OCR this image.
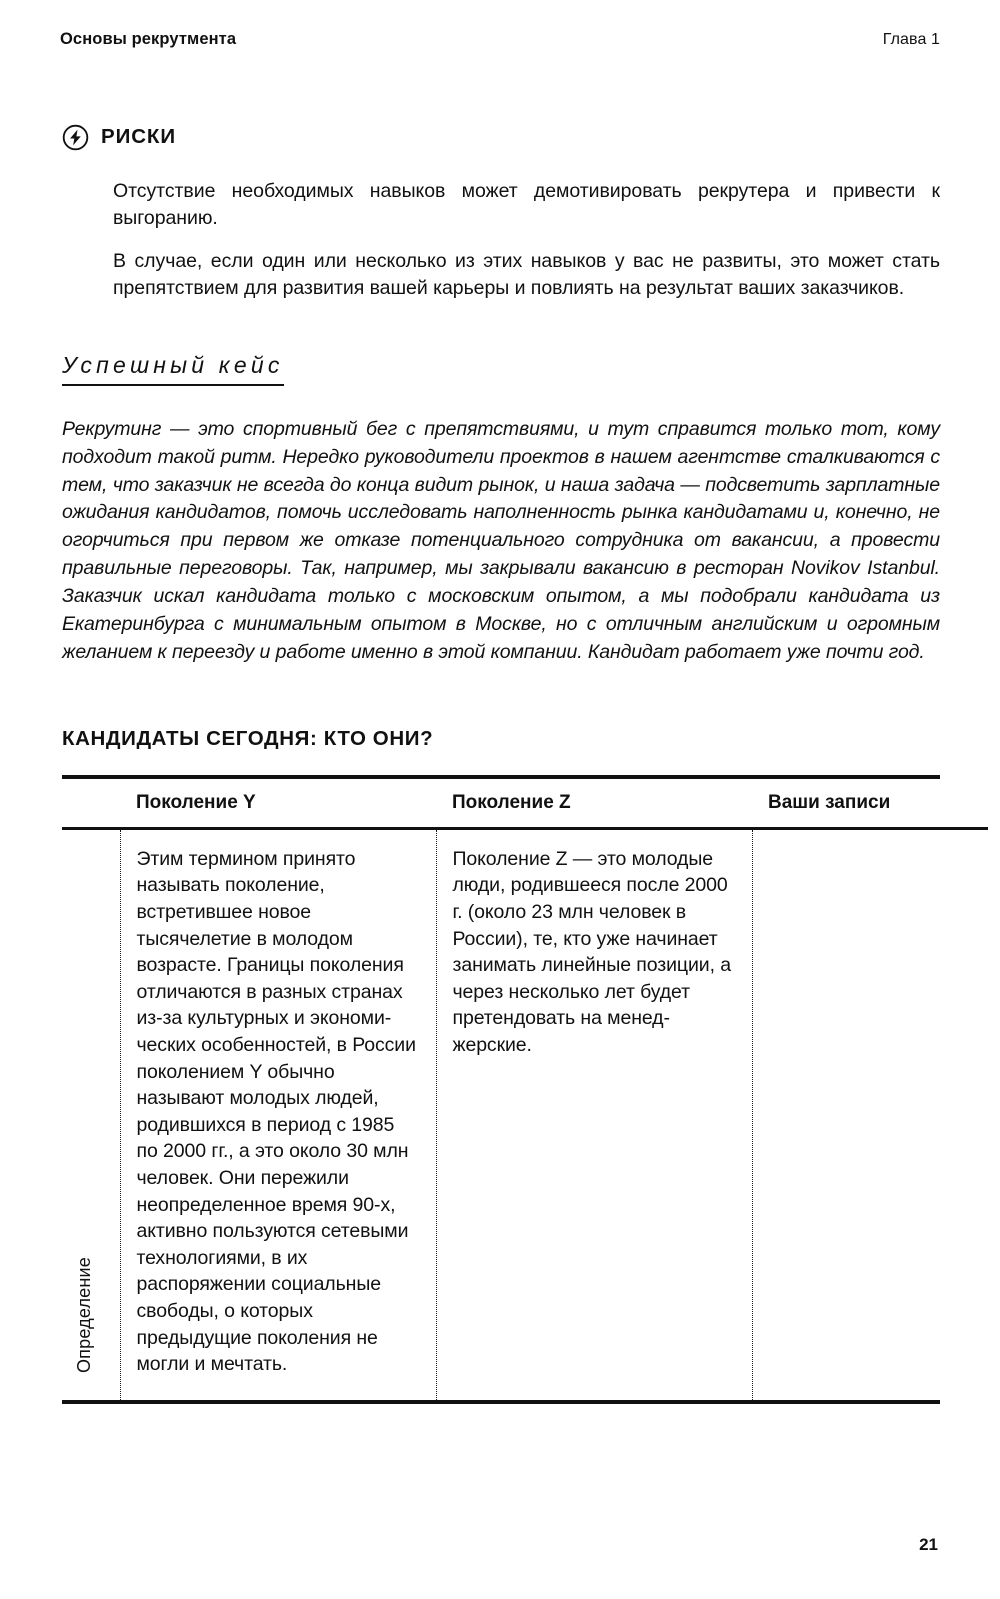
Основы рекрутмента	Глава 1
РИСКИ

Отсутствие необходимых навыков может демотивировать рекрутера и привести к выгоранию.

В случае, если один или несколько из этих навыков у вас не развиты, это может стать препятствием для развития вашей карьеры и повлиять на результат ваших заказчиков.

Успешный кейс

Рекрутинг — это спортивный бег с препятствиями, и тут справится только тот, кому подходит такой ритм. Нередко руководители проектов в нашем агентстве сталкиваются с тем, что заказчик не всегда до конца видит рынок, и наша задача — подсветить зарплатные ожидания кандидатов, помочь исследовать наполненность рынка кандидатами и, конечно, не огорчиться при первом же отказе потенциального сотрудника от вакансии, а провести правильные переговоры. Так, например, мы закрывали вакансию в ресторан Novikov Istanbul. Заказчик искал кандидата только с московским опытом, а мы подобрали кандидата из Екатеринбурга с минимальным опытом в Москве, но с отличным английским и огромным желанием к переезду и работе именно в этой компании. Кандидат работает уже почти год.

КАНДИДАТЫ СЕГОДНЯ: КТО ОНИ?
	Поколение Y	Поколение Z	Ваши записи
Определение	Этим термином принято называть поколение, встретившее новое тысячелетие в молодом возрасте. Границы поколения отличаются в разных странах из-за культурных и экономических особенностей, в России поколением Y обычно называют молодых людей, родившихся в период с 1985 по 2000 гг., а это около 30 млн человек. Они пережили неопределенное время 90-х, активно пользуются сетевыми технологиями, в их распоряжении социальные свободы, о которых предыдущие поколения не могли и мечтать.	Поколение Z — это молодые люди, родившееся после 2000 г. (около 23 млн человек в России), те, кто уже начинает занимать линейные позиции, а через несколько лет будет претендовать на менеджерские.	

21
